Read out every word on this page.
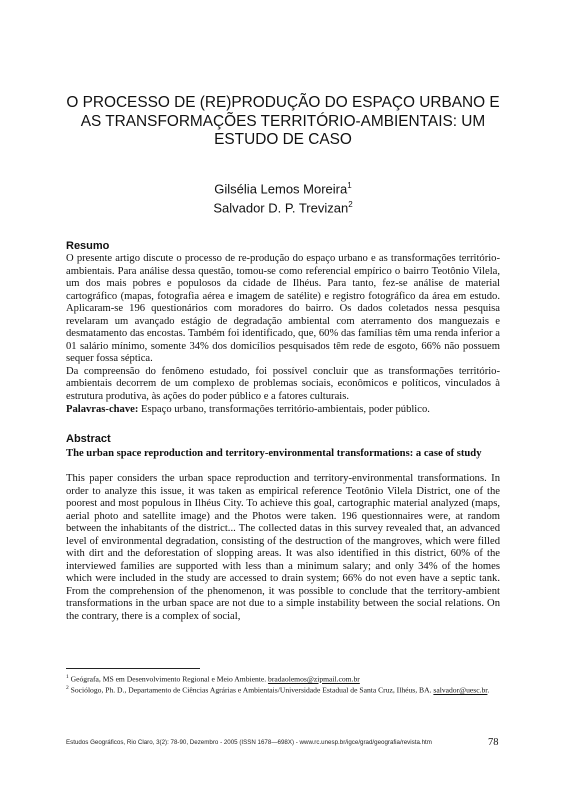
O PROCESSO DE (RE)PRODUÇÃO DO ESPAÇO URBANO E AS TRANSFORMAÇÕES TERRITÓRIO-AMBIENTAIS: UM ESTUDO DE CASO
Gilsélia Lemos Moreira$^1$
Salvador D. P. Trevizan$^2$
Resumo

O presente artigo discute o processo de re-produção do espaço urbano e as transformações território-ambientais. Para análise dessa questão, tomou-se como referencial empírico o bairro Teotônio Vilela, um dos mais pobres e populosos da cidade de Ilhéus. Para tanto, fez-se análise de material cartográfico (mapas, fotografia aérea e imagem de satélite) e registro fotográfico da área em estudo. Aplicaram-se 196 questionários com moradores do bairro. Os dados coletados nessa pesquisa revelaram um avançado estágio de degradação ambiental com aterramento dos manguezais e desmatamento das encostas. Também foi identificado, que, 60% das famílias têm uma renda inferior a 01 salário mínimo, somente 34% dos domicílios pesquisados têm rede de esgoto, 66% não possuem sequer fossa séptica.

Da compreensão do fenômeno estudado, foi possível concluir que as transformações território-ambientais decorrem de um complexo de problemas sociais, econômicos e políticos, vinculados à estrutura produtiva, às ações do poder público e a fatores culturais.

Palavras-chave: Espaço urbano, transformações território-ambientais, poder público.

Abstract

The urban space reproduction and territory-environmental transformations: a case of study

This paper considers the urban space reproduction and territory-environmental transformations. In order to analyze this issue, it was taken as empirical reference Teotônio Vilela District, one of the poorest and most populous in Ilhéus City. To achieve this goal, cartographic material analyzed (maps, aerial photo and satellite image) and the Photos were taken. 196 questionnaires were, at random between the inhabitants of the district... The collected datas in this survey revealed that, an advanced level of environmental degradation, consisting of the destruction of the mangroves, which were filled with dirt and the deforestation of slopping areas. It was also identified in this district, 60% of the interviewed families are supported with less than a minimum salary; and only 34% of the homes which were included in the study are accessed to drain system; 66% do not even have a septic tank. From the comprehension of the phenomenon, it was possible to conclude that the territory-ambient transformations in the urban space are not due to a simple instability between the social relations. On the contrary, there is a complex of social,

$^1$ Geógrafa, MS em Desenvolvimento Regional e Meio Ambiente. bradaolemos@zipmail.com.br

$^2$ Sociólogo, Ph. D., Departamento de Ciências Agrárias e Ambientais/Universidade Estadual de Santa Cruz, Ilhéus, BA. salvador@uesc.br.

Estudos Geográficos, Rio Claro, 3(2): 78-90, Dezembro - 2005 (ISSN 1678—698X) - www.rc.unesp.br/igce/grad/geografia/revista.htm	78
